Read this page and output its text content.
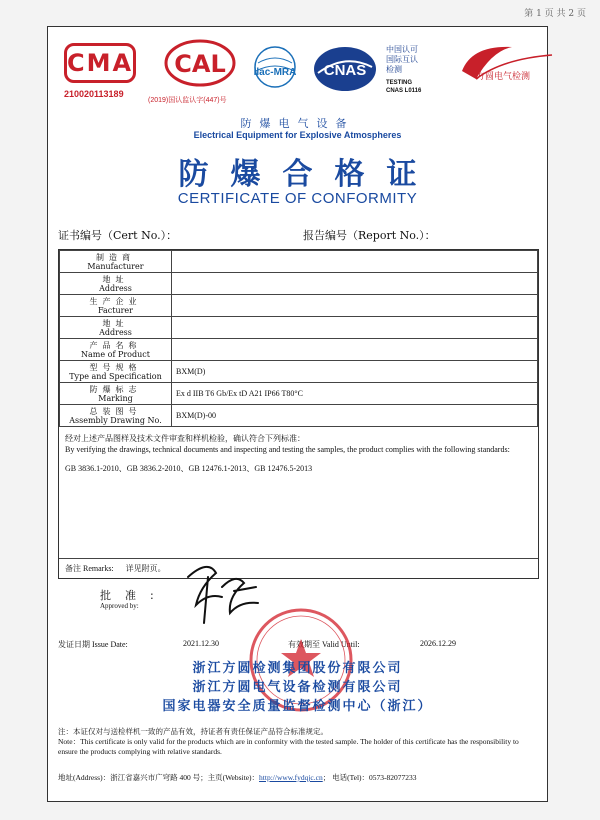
第 1 页 共 2 页
CMA
210020113189
CAL
(2019)国认监认字(447)号
ilac-MRA CNAS
中国认可
国际互认
检测
TESTING
CNAS L0116
方圆电气检测
防爆电气设备
Electrical Equipment for Explosive Atmospheres
防爆合格证
CERTIFICATE OF CONFORMITY
证书编号（Cert No.）：	报告编号（Report No.）：
制造商
Manufacturer	

地址
Address	

生产企业
Facturer	

地址
Address	

产品名称
Name of Product	

型号规格
Type and Specification	BXM(D)

防爆标志
Marking	Ex d IIB T6 Gb/Ex tD A21 IP66 T80°C

总装图号
Assembly Drawing No.	BXM(D)-00
经对上述产品图样及技术文件审查和样机检验，确认符合下列标准：
By verifying the drawings, technical documents and inspecting and testing the samples, the product complies with the following standards:
GB 3836.1-2010、GB 3836.2-2010、GB 12476.1-2013、GB 12476.5-2013
备注 Remarks: 详见附页。
批准:
Approved by:
发证日期 Issue Date:	2021.12.30	有效期至 Valid Until:	2026.12.29
浙江方圆检测集团股份有限公司
浙江方圆电气设备检测有限公司
国家电器安全质量监督检测中心（浙江）
注：本证仅对与送检样机一致的产品有效，持证者有责任保证产品符合标准规定。
Note：This certificate is only valid for the products which are in conformity with the tested sample. The holder of this certificate has the responsibility to ensure the products complying with relative standards.
地址(Address)：浙江省嘉兴市广穹路 400 号；主页(Website)：http://www.fydqjc.cn； 电话(Tel)：0573-82077233
